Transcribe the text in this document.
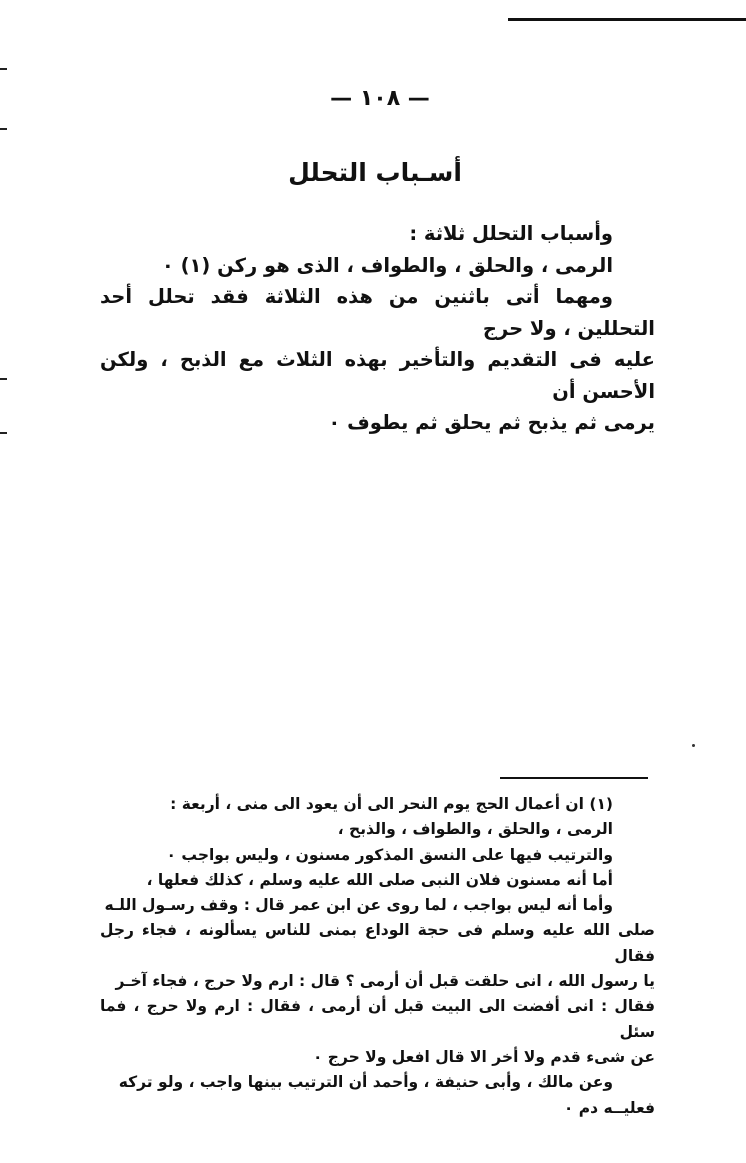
— ١٠٨ —
أسـباب التحلل

وأسباب التحلل ثلاثة :

الرمى ، والحلق ، والطواف ، الذى هو ركن (١) ٠

ومهما أتى باثنين من هذه الثلاثة فقد تحلل أحد التحللين ، ولا حرج

عليه فى التقديم والتأخير بهذه الثلاث مع الذبح ، ولكن الأحسن أن

يرمى ثم يذبح ثم يحلق ثم يطوف ٠

(١) ان أعمال الحج يوم النحر الى أن يعود الى منى ، أربعة :

الرمى ، والحلق ، والطواف ، والذبح ،

والترتيب فيها على النسق المذكور مسنون ، وليس بواجب ٠

أما أنه مسنون فلان النبى صلى الله عليه وسلم ، كذلك فعلها ،

وأما أنه ليس بواجب ، لما روى عن ابن عمر قال : وقف رسـول اللـه

صلى الله عليه وسلم فى حجة الوداع بمنى للناس يسألونه ، فجاء رجل فقال

يا رسول الله ، انى حلقت قبل أن أرمى ؟ قال : ارم ولا حرج ، فجاء آخـر

فقال : انى أفضت الى البيت قبل أن أرمى ، فقال : ارم ولا حرج ، فما سئل

عن شىء قدم ولا أخر الا قال افعل ولا حرج ٠

وعن مالك ، وأبى حنيفة ، وأحمد أن الترتيب بينها واجب ، ولو تركه

فعليــه دم ٠
